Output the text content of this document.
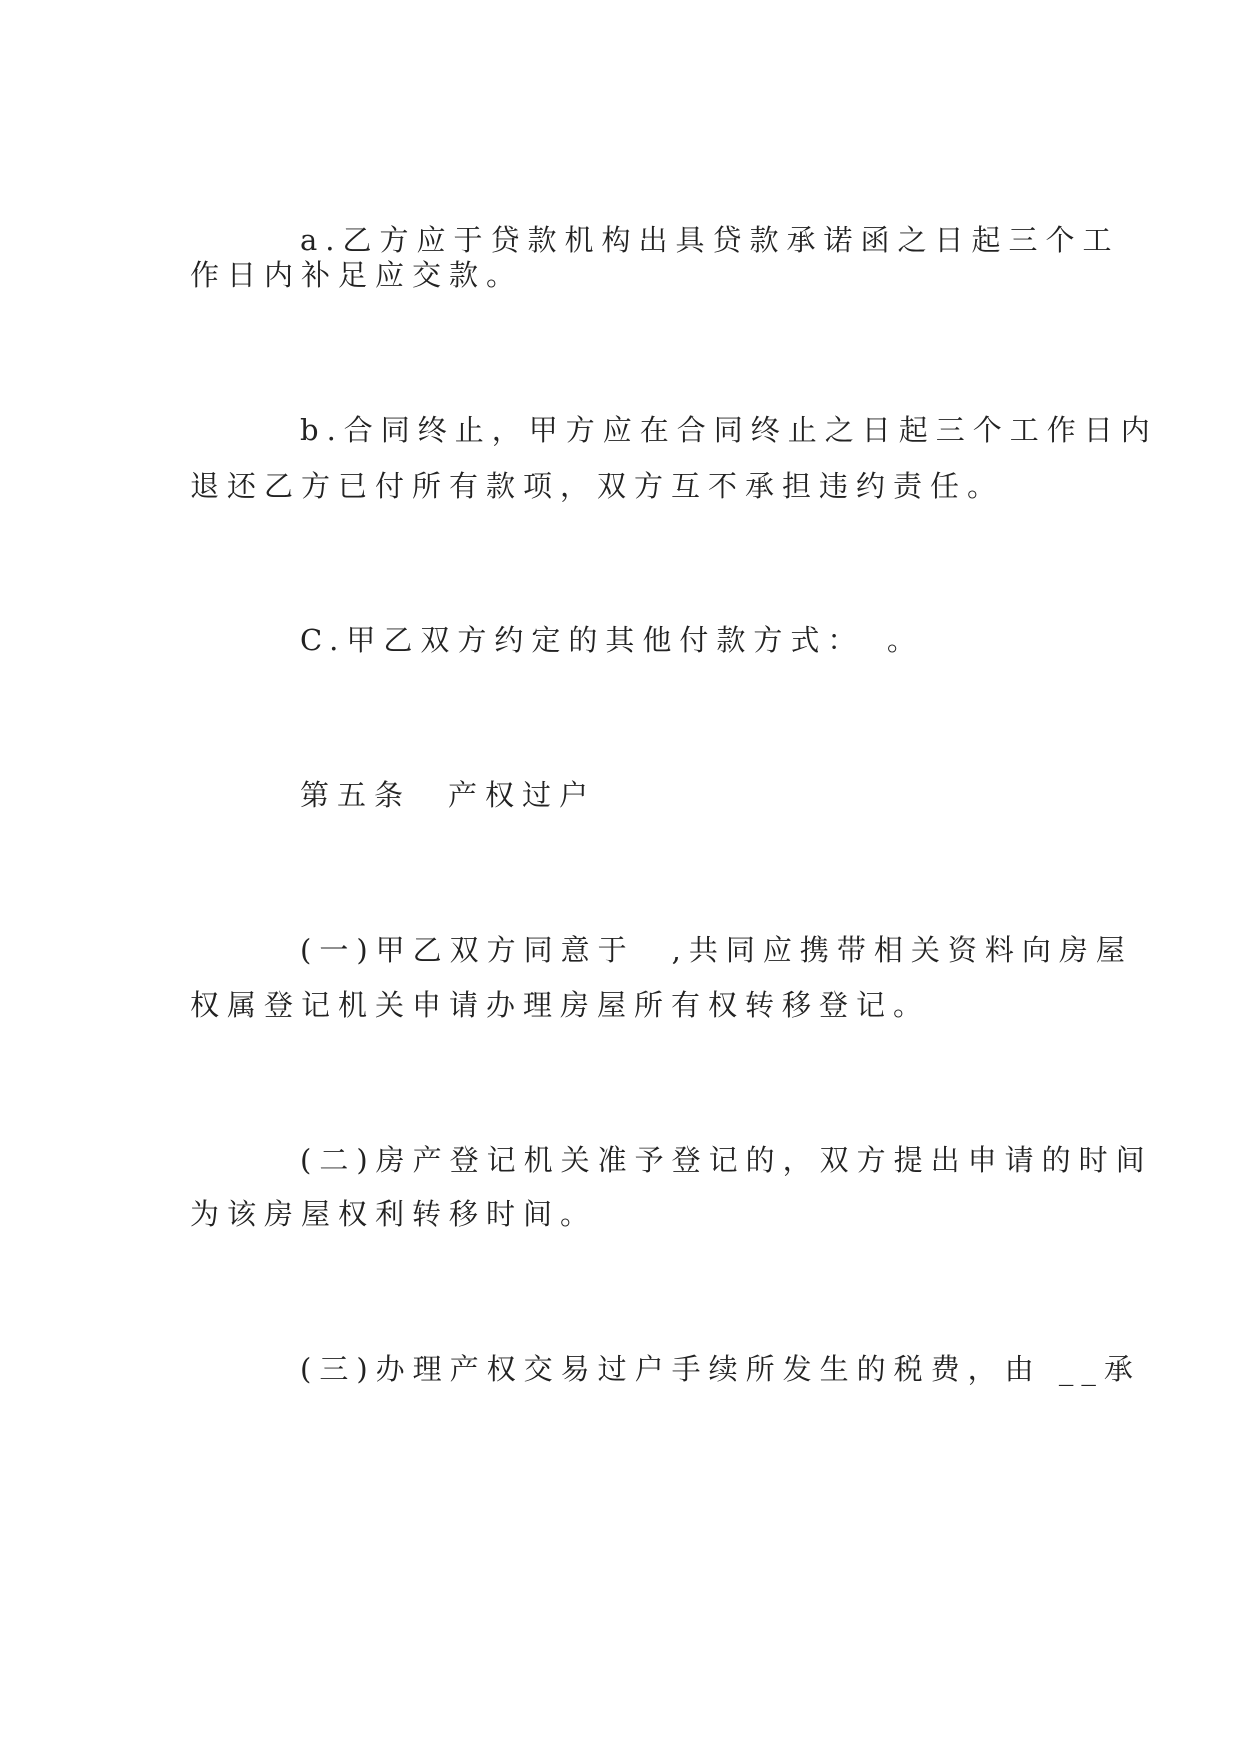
a.乙方应于贷款机构出具贷款承诺函之日起三个工
作日内补足应交款。
b.合同终止，甲方应在合同终止之日起三个工作日内
退还乙方已付所有款项，双方互不承担违约责任。
C.甲乙双方约定的其他付款方式：　。
第五条　产权过户
(一)甲乙双方同意于　,共同应携带相关资料向房屋
权属登记机关申请办理房屋所有权转移登记。
(二)房产登记机关准予登记的，双方提出申请的时间
为该房屋权利转移时间。
(三)办理产权交易过户手续所发生的税费，由 __承
